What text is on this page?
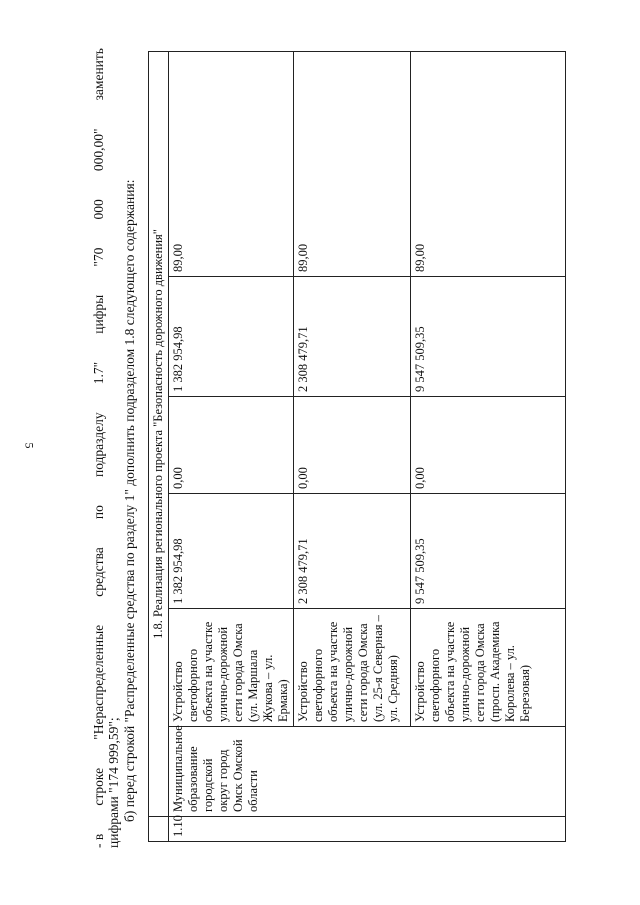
5
- в
строке
"Нераспределенные
средства
по
подразделу
1.7"
цифры
"70
000
000,00"
заменить
цифрами "174 999,59"; б) перед строкой "Распределенные средства по разделу 1" дополнить подразделом 1.8 следующего содержания:
	1.8. Реализация регионального проекта "Безопасность дорожного движения"					
1.10	Муниципальное образование городской округ город Омск Омской области	Устройство светофорного объекта на участке улично-дорожной сети города Омска (ул. Маршала Жукова – ул. Ермака)	1 382 954,98	0,00	1 382 954,98	89,00
		Устройство светофорного объекта на участке улично-дорожной сети города Омска (ул. 25-я Северная – ул. Средняя)	2 308 479,71	0,00	2 308 479,71	89,00
		Устройство светофорного объекта на участке улично-дорожной сети города Омска (просп. Академика Королева – ул. Березовая)	9 547 509,35	0,00	9 547 509,35	89,00
